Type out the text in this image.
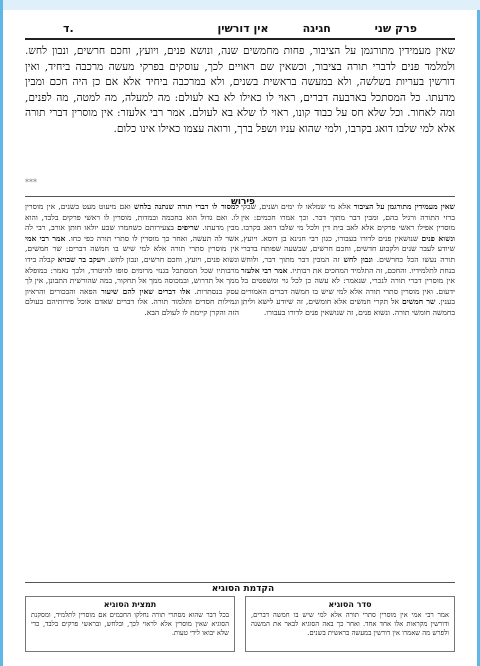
ד.	אין דורשין	פרק שני חגיגה
שאין מעמידין מתורגמן על הציבור, פחות מחמשים שנה, ונושא פנים, ויועץ, וחכם חרשים, ונבון לחש. ולמלמד פנים לדברי תורה בציבור, וכשאין שם ראויים לכך, עוסקים בפרקי מעשה מרכבה ביחיד, ואין דורשין בעריות בשלשה, ולא במעשה בראשית בשנים, ולא במרכבה ביחיד אלא אם כן היה חכם ומבין מדעתו. כל המסתכל בארבעה דברים, ראוי לו כאילו לא בא לעולם: מה למעלה, מה למטה, מה לפנים, ומה לאחור. וכל שלא חס על כבוד קונו, ראוי לו שלא בא לעולם. אמר רבי אלעזר: אין מוסרין דברי תורה אלא למי שלבו דואג בקרבו, ולמי שהוא עניו ושפל ברך, ורואה עצמו כאילו אינו כלום.
***
פירוש	שאין מעמידין מתורגמן על הציבור אלא מי שמלאו לו ימים ושנים, שבקי ברזי התורה ורגיל בהם, ומבין דבר מתוך דבר. וכך אמרו חכמים: אין מוסרין אפילו ראשי פרקים אלא לאב בית דין ולכל מי שלבו דואג בקרבו. ונשוא פנים שנושאין פנים לדורו בעבורו, כגון רבי חנינא בן דוסא. ויועץ, שיודע לעבר שנים ולקבוע חדשים, וחכם חרשים, שבשעה שפותח בדברי תורה נעשו הכל כחרשים. ונבון לחש זה המבין דבר מתוך דבר, ולוחש בנחת לתלמידיו. והחכם, זה התלמיד המחכים את רבותיו. אמר רבי אלעזר אין מוסרין דברי תורה לנכרי, שנאמר: לא עשה כן לכל גוי ומשפטים בל ידעום. ואין מוסרין סתרי תורה אלא למי שיש בו חמשה דברים האמורים בענין. שר חמשים אל תקרי חמשים אלא חומשים, זה שיודע לישא וליתן בחמשה חומשי תורה. ונשוא פנים, זה שנושאין פנים לדורו בעבורו.
למסור לו דברי תורה שנתנה בלחש ואם מיעוט מעט בשנים, אין מוסרין לו. ואם גדול הוא בחכמה ובמדות, מוסרין לו ראשי פרקים בלבד, והוא מבין מדעתו. שריפים בצעירותם כשחמרו שבע יולאו חותן אורב, רבי לה אשר לה תעשה, ואחר כך מוסרין לו סתרי תורה כפי כחו. אמר רבי אמי אין מוסרין סתרי תורה אלא למי שיש בו חמשה דברים: שר חמשים, ונשוא פנים, ויועץ, וחכם חרשים, ונבון לחש. ויעקב בר שבויא קבלה בידו מרבותיו שכל המסתכל בגנזי מרומים סופו להיטרד, ולכך נאמר: במופלא ממך אל תדרוש, ובמכוסה ממך אל תחקור, במה שהורשית התבונן, אין לך עסק בנסתרות. אלו דברים שאין להם שיעור הפאה והבכורים והראיון וגמילות חסדים ותלמוד תורה. אלו דברים שאדם אוכל פירותיהם בעולם הזה והקרן קיימת לו לעולם הבא.
הקדמת הסוגיא
סדר הסוגיא
אמר רבי אמי אין מוסרין סתרי תורה אלא למי שיש בו חמשה דברים, ודורשין מקראות אלו אחד אחד. ואחר כך באה הסוגיא לבאר את המשנה ולפרש מה שאמרו אין דורשין במעשה בראשית בשנים.
תמצית הסוגיא
בכל דבר שהוא מסתרי תורה נחלקו החכמים אם מוסרין לתלמיד, ומסקנת הסוגיא שאין מוסרין אלא לראוי לכך, ובלחש, ובראשי פרקים בלבד, כדי שלא יבואו לידי טעות.
